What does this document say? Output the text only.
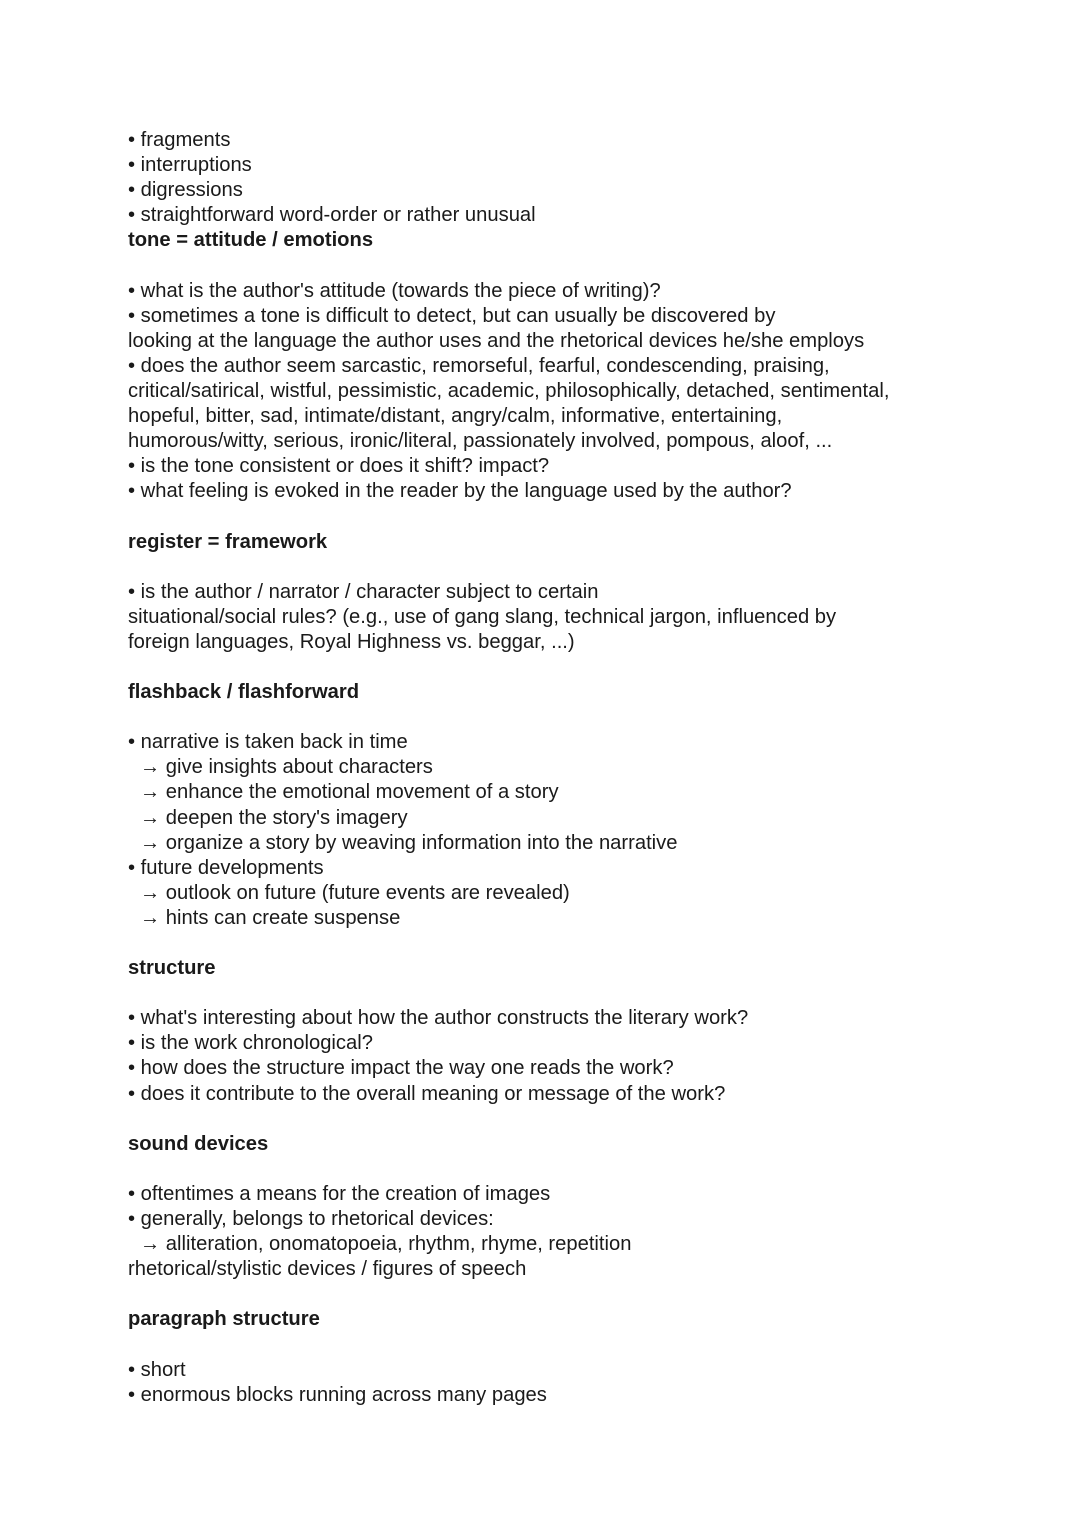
• fragments
• interruptions
• digressions
• straightforward word-order or rather unusual
tone = attitude / emotions
• what is the author's attitude (towards the piece of writing)?
• sometimes a tone is difficult to detect, but can usually be discovered by
looking at the language the author uses and the rhetorical devices he/she employs
• does the author seem sarcastic, remorseful, fearful, condescending, praising,
critical/satirical, wistful, pessimistic, academic, philosophically, detached, sentimental,
hopeful, bitter, sad, intimate/distant, angry/calm, informative, entertaining,
humorous/witty, serious, ironic/literal, passionately involved, pompous, aloof, ...
• is the tone consistent or does it shift? impact?
• what feeling is evoked in the reader by the language used by the author?
register = framework
• is the author / narrator / character subject to certain
situational/social rules? (e.g., use of gang slang, technical jargon, influenced by
foreign languages, Royal Highness vs. beggar, ...)
flashback / flashforward
• narrative is taken back in time
→ give insights about characters
→ enhance the emotional movement of a story
→ deepen the story's imagery
→ organize a story by weaving information into the narrative
• future developments
→ outlook on future (future events are revealed)
→ hints can create suspense
structure
• what's interesting about how the author constructs the literary work?
• is the work chronological?
• how does the structure impact the way one reads the work?
• does it contribute to the overall meaning or message of the work?
sound devices
• oftentimes a means for the creation of images
• generally, belongs to rhetorical devices:
→ alliteration, onomatopoeia, rhythm, rhyme, repetition
rhetorical/stylistic devices / figures of speech
paragraph structure
• short
• enormous blocks running across many pages
